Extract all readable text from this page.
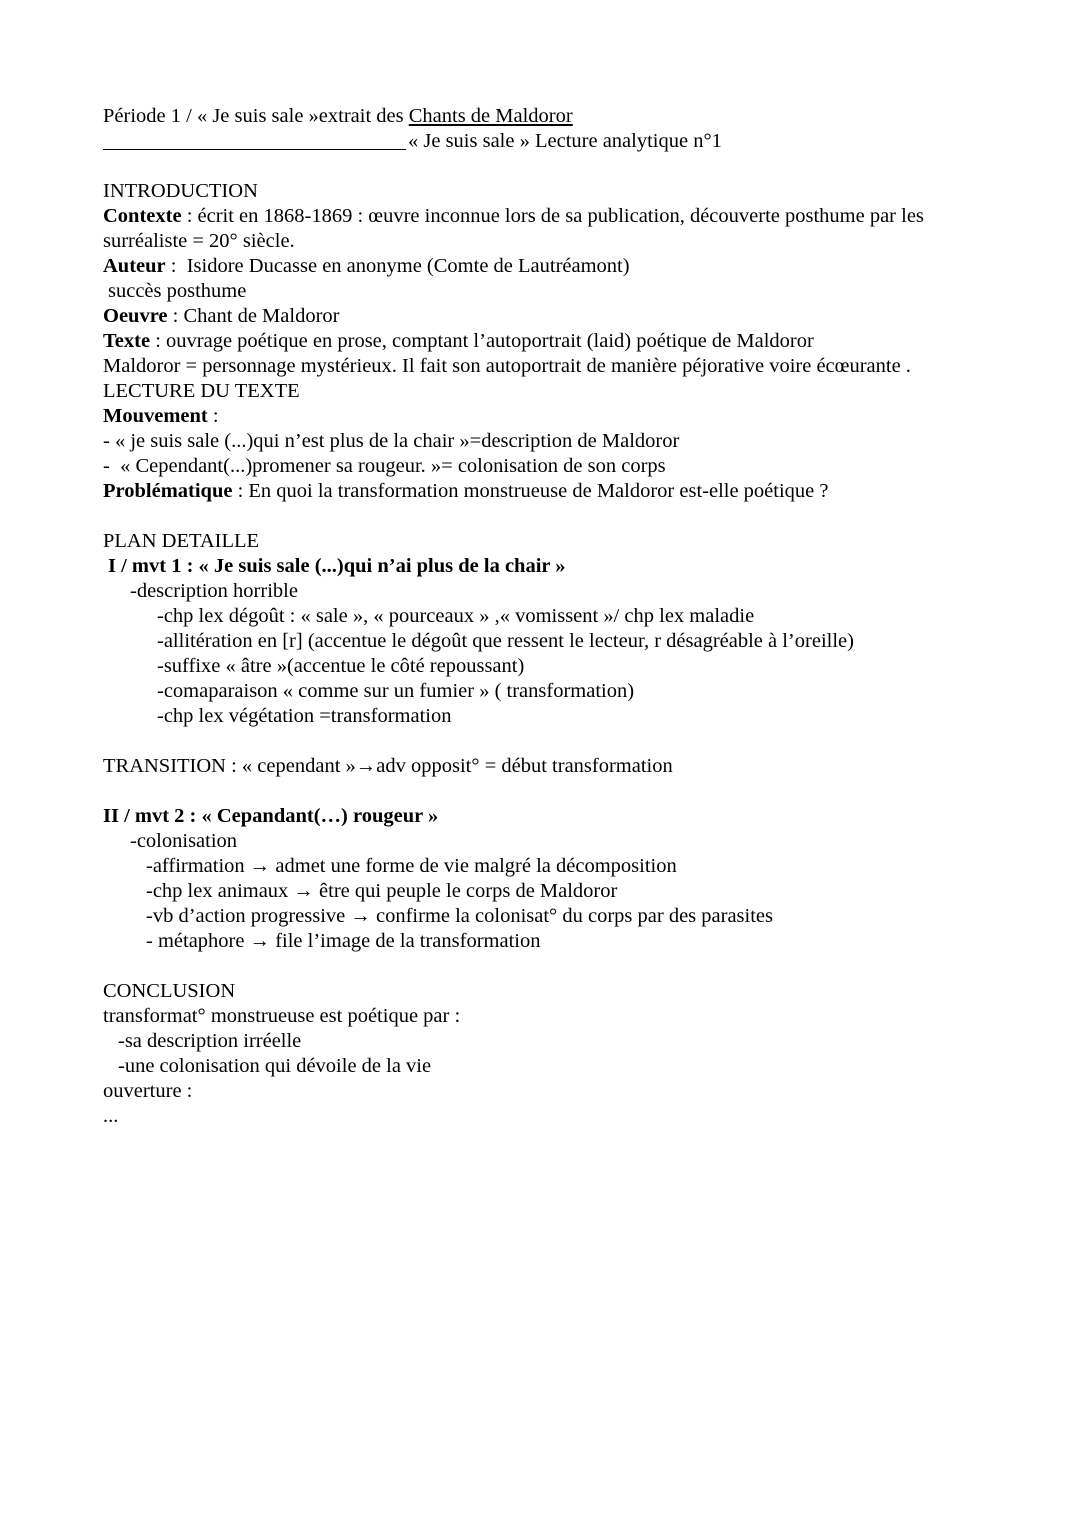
Période 1 / « Je suis sale »extrait des Chants de Maldoror
« Je suis sale » Lecture analytique n°1
INTRODUCTION
Contexte : écrit en 1868-1869 : œuvre inconnue lors de sa publication, découverte posthume par les
surréaliste = 20° siècle.
Auteur :  Isidore Ducasse en anonyme (Comte de Lautréamont)
succès posthume
Oeuvre : Chant de Maldoror
Texte : ouvrage poétique en prose, comptant l’autoportrait (laid) poétique de Maldoror
Maldoror = personnage mystérieux. Il fait son autoportrait de manière péjorative voire écœurante .
LECTURE DU TEXTE
Mouvement :
- « je suis sale (...)qui n’est plus de la chair »=description de Maldoror
-  « Cependant(...)promener sa rougeur. »= colonisation de son corps
Problématique : En quoi la transformation monstrueuse de Maldoror est-elle poétique ?
PLAN DETAILLE
I / mvt 1 : « Je suis sale (...)qui n’ai plus de la chair »
-description horrible
-chp lex dégoût : « sale », « pourceaux » ,« vomissent »/ chp lex maladie
-allitération en [r] (accentue le dégoût que ressent le lecteur, r désagréable à l’oreille)
-suffixe « âtre »(accentue le côté repoussant)
-comaparaison « comme sur un fumier » ( transformation)
-chp lex végétation =transformation
TRANSITION : « cependant »→adv opposit° = début transformation
II / mvt 2 : « Cepandant(…) rougeur »
-colonisation
-affirmation → admet une forme de vie malgré la décomposition
-chp lex animaux → être qui peuple le corps de Maldoror
-vb d’action progressive → confirme la colonisat° du corps par des parasites
- métaphore → file l’image de la transformation
CONCLUSION
transformat° monstrueuse est poétique par :
-sa description irréelle
-une colonisation qui dévoile de la vie
ouverture :
...
